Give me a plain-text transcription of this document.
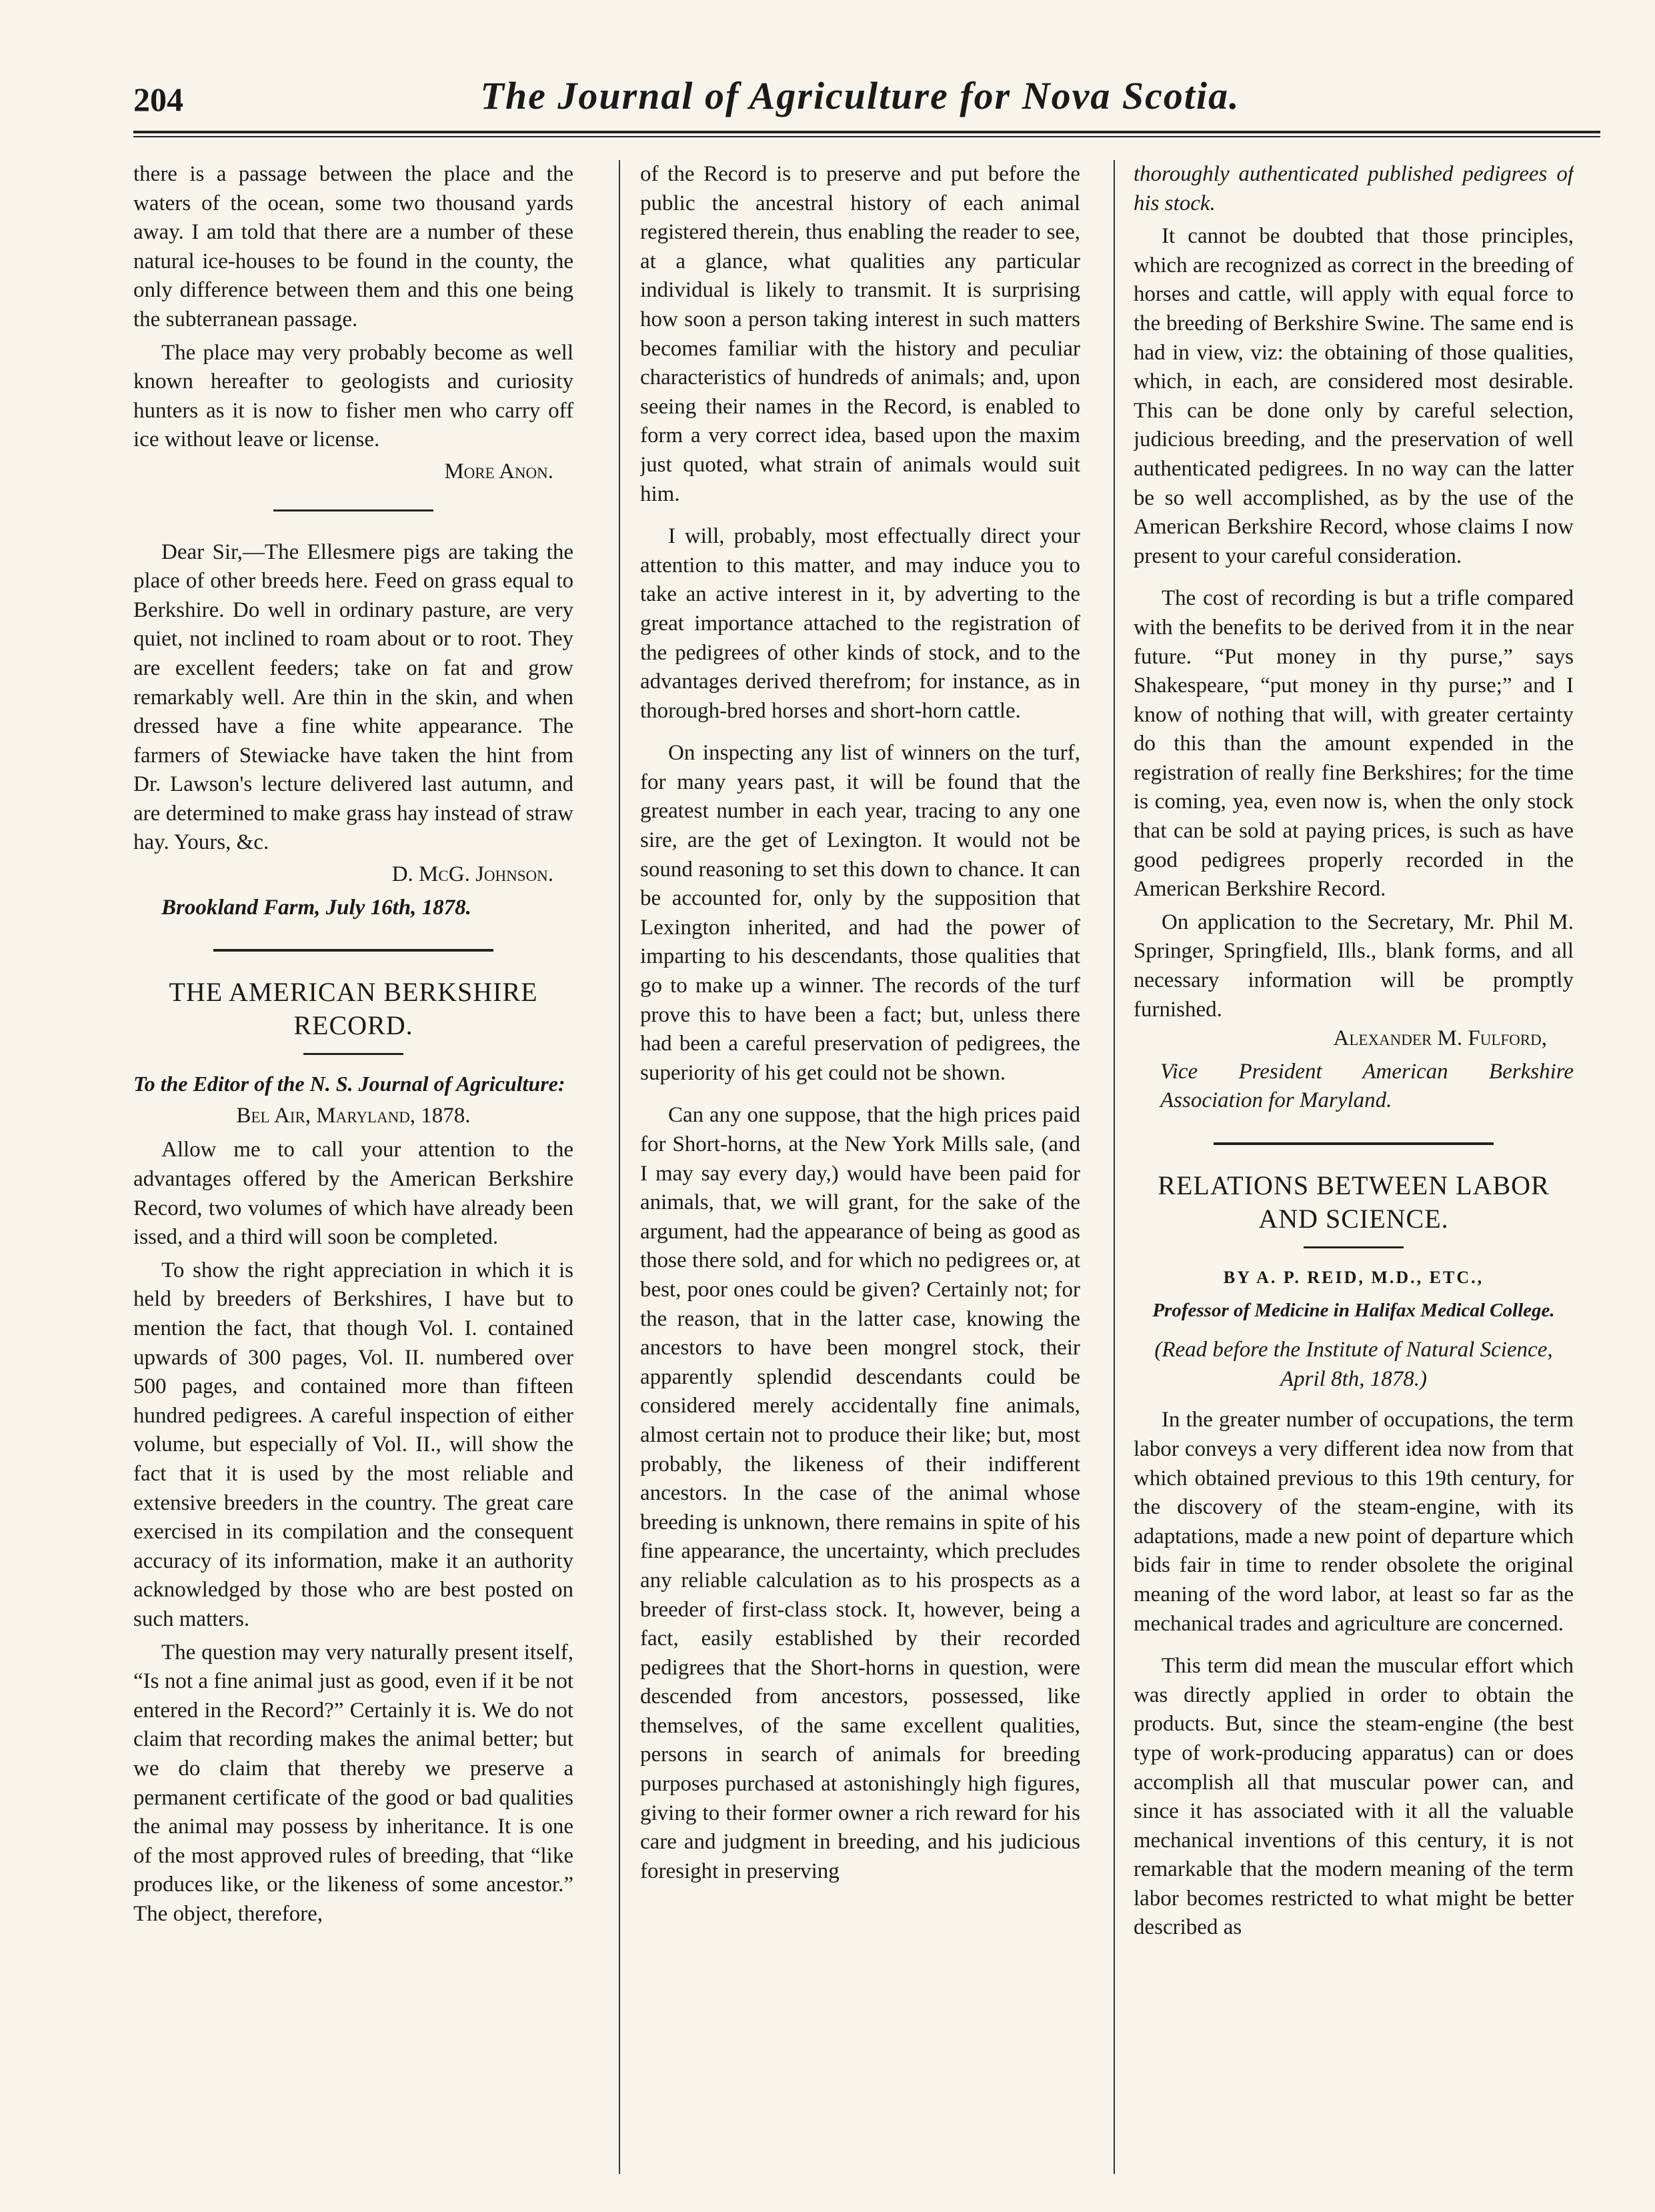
204	The Journal of Agriculture for Nova Scotia.

there is a passage between the place and the waters of the ocean, some two thousand yards away. I am told that there are a number of these natural ice-houses to be found in the county, the only difference between them and this one being the subterranean passage.

The place may very probably become as well known hereafter to geologists and curiosity hunters as it is now to fisher men who carry off ice without leave or license.

More Anon.

Dear Sir,—The Ellesmere pigs are taking the place of other breeds here. Feed on grass equal to Berkshire. Do well in ordinary pasture, are very quiet, not inclined to roam about or to root. They are excellent feeders; take on fat and grow remarkably well. Are thin in the skin, and when dressed have a fine white appearance. The farmers of Stewiacke have taken the hint from Dr. Lawson's lecture delivered last autumn, and are determined to make grass hay instead of straw hay. Yours, &c.

D. McG. Johnson.

Brookland Farm, July 16th, 1878.

THE AMERICAN BERKSHIRE
RECORD.

To the Editor of the N. S. Journal of Agriculture:

Bel Air, Maryland, 1878.

Allow me to call your attention to the advantages offered by the American Berkshire Record, two volumes of which have already been issed, and a third will soon be completed.

To show the right appreciation in which it is held by breeders of Berkshires, I have but to mention the fact, that though Vol. I. contained upwards of 300 pages, Vol. II. numbered over 500 pages, and contained more than fifteen hundred pedigrees. A careful inspection of either volume, but especially of Vol. II., will show the fact that it is used by the most reliable and extensive breeders in the country. The great care exercised in its compilation and the consequent accuracy of its information, make it an authority acknowledged by those who are best posted on such matters.

The question may very naturally present itself, “Is not a fine animal just as good, even if it be not entered in the Record?” Certainly it is. We do not claim that recording makes the animal better; but we do claim that thereby we preserve a permanent certificate of the good or bad qualities the animal may possess by inheritance. It is one of the most approved rules of breeding, that “like produces like, or the likeness of some ancestor.” The object, therefore,

of the Record is to preserve and put before the public the ancestral history of each animal registered therein, thus enabling the reader to see, at a glance, what qualities any particular individual is likely to transmit. It is surprising how soon a person taking interest in such matters becomes familiar with the history and peculiar characteristics of hundreds of animals; and, upon seeing their names in the Record, is enabled to form a very correct idea, based upon the maxim just quoted, what strain of animals would suit him.

I will, probably, most effectually direct your attention to this matter, and may induce you to take an active interest in it, by adverting to the great importance attached to the registration of the pedigrees of other kinds of stock, and to the advantages derived therefrom; for instance, as in thorough-bred horses and short-horn cattle.

On inspecting any list of winners on the turf, for many years past, it will be found that the greatest number in each year, tracing to any one sire, are the get of Lexington. It would not be sound reasoning to set this down to chance. It can be accounted for, only by the supposition that Lexington inherited, and had the power of imparting to his descendants, those qualities that go to make up a winner. The records of the turf prove this to have been a fact; but, unless there had been a careful preservation of pedigrees, the superiority of his get could not be shown.

Can any one suppose, that the high prices paid for Short-horns, at the New York Mills sale, (and I may say every day,) would have been paid for animals, that, we will grant, for the sake of the argument, had the appearance of being as good as those there sold, and for which no pedigrees or, at best, poor ones could be given? Certainly not; for the reason, that in the latter case, knowing the ancestors to have been mongrel stock, their apparently splendid descendants could be considered merely accidentally fine animals, almost certain not to produce their like; but, most probably, the likeness of their indifferent ancestors. In the case of the animal whose breeding is unknown, there remains in spite of his fine appearance, the uncertainty, which precludes any reliable calculation as to his prospects as a breeder of first-class stock. It, however, being a fact, easily established by their recorded pedigrees that the Short-horns in question, were descended from ancestors, possessed, like themselves, of the same excellent qualities, persons in search of animals for breeding purposes purchased at astonishingly high figures, giving to their former owner a rich reward for his care and judgment in breeding, and his judicious foresight in preserving

thoroughly authenticated published pedigrees of his stock.

It cannot be doubted that those principles, which are recognized as correct in the breeding of horses and cattle, will apply with equal force to the breeding of Berkshire Swine. The same end is had in view, viz: the obtaining of those qualities, which, in each, are considered most desirable. This can be done only by careful selection, judicious breeding, and the preservation of well authenticated pedigrees. In no way can the latter be so well accomplished, as by the use of the American Berkshire Record, whose claims I now present to your careful consideration.

The cost of recording is but a trifle compared with the benefits to be derived from it in the near future. “Put money in thy purse,” says Shakespeare, “put money in thy purse;” and I know of nothing that will, with greater certainty do this than the amount expended in the registration of really fine Berkshires; for the time is coming, yea, even now is, when the only stock that can be sold at paying prices, is such as have good pedigrees properly recorded in the American Berkshire Record.

On application to the Secretary, Mr. Phil M. Springer, Springfield, Ills., blank forms, and all necessary information will be promptly furnished.

Alexander M. Fulford,

Vice President American Berkshire Association for Maryland.

RELATIONS BETWEEN LABOR
AND SCIENCE.

BY A. P. REID, M.D., ETC.,

Professor of Medicine in Halifax Medical College.

(Read before the Institute of Natural Science, April 8th, 1878.)

In the greater number of occupations, the term labor conveys a very different idea now from that which obtained previous to this 19th century, for the discovery of the steam-engine, with its adaptations, made a new point of departure which bids fair in time to render obsolete the original meaning of the word labor, at least so far as the mechanical trades and agriculture are concerned.

This term did mean the muscular effort which was directly applied in order to obtain the products. But, since the steam-engine (the best type of work-producing apparatus) can or does accomplish all that muscular power can, and since it has associated with it all the valuable mechanical inventions of this century, it is not remarkable that the modern meaning of the term labor becomes restricted to what might be better described as
